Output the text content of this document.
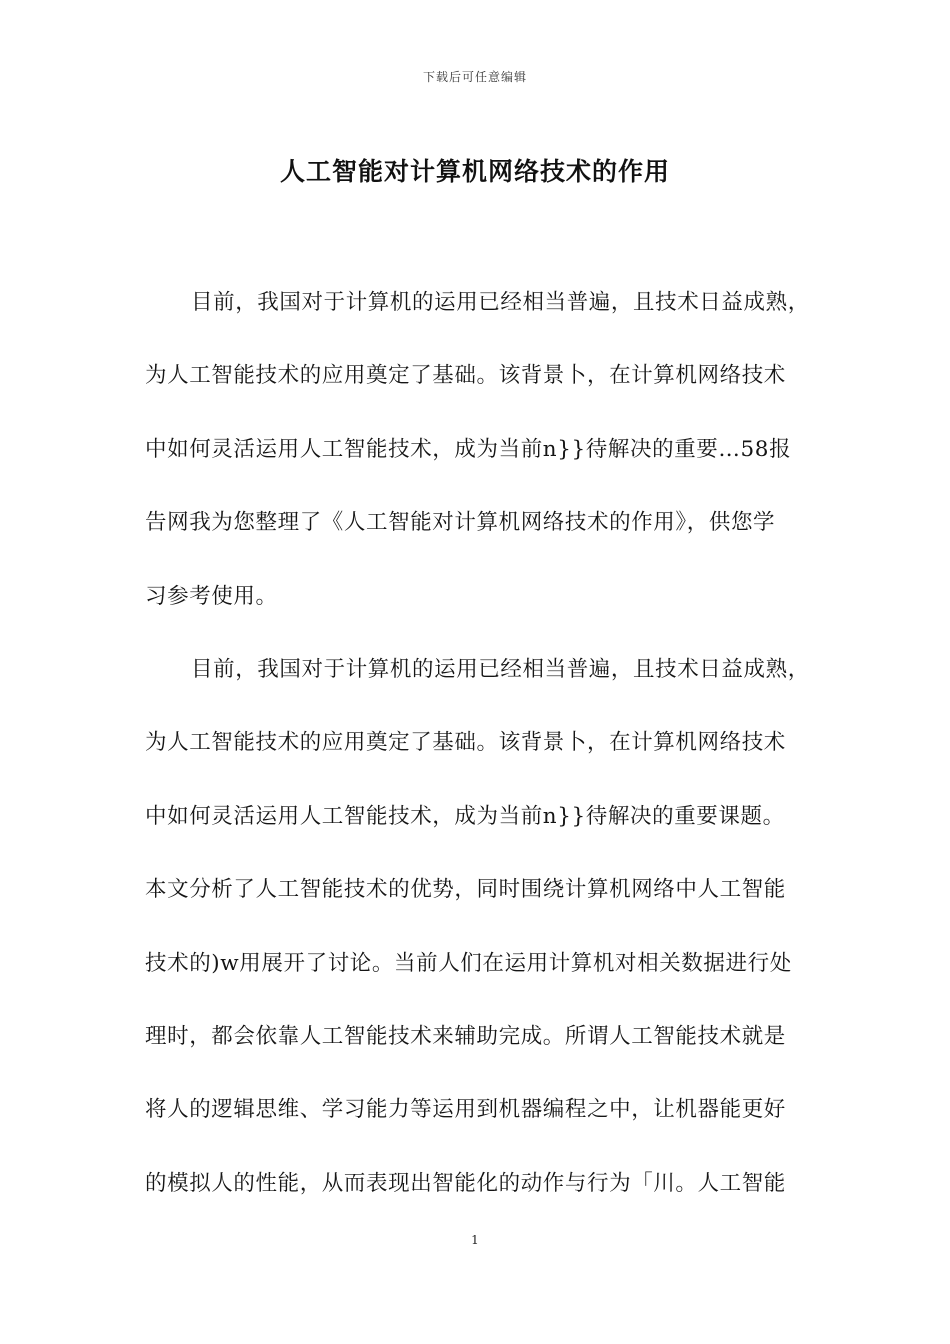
下载后可任意编辑
人工智能对计算机网络技术的作用
目前，我国对于计算机的运用已经相当普遍，且技术日益成熟，
为人工智能技术的应用奠定了基础。该背景卜，在计算机网络技术
中如何灵活运用人工智能技术，成为当前n}}待解决的重要…58报
告网我为您整理了《人工智能对计算机网络技术的作用》，供您学
习参考使用。
目前，我国对于计算机的运用已经相当普遍，且技术日益成熟，
为人工智能技术的应用奠定了基础。该背景卜，在计算机网络技术
中如何灵活运用人工智能技术，成为当前n}}待解决的重要课题。
本文分析了人工智能技术的优势，同时围绕计算机网络中人工智能
技术的)w用展开了讨论。当前人们在运用计算机对相关数据进行处
理时，都会依靠人工智能技术来辅助完成。所谓人工智能技术就是
将人的逻辑思维、学习能力等运用到机器编程之中，让机器能更好
的模拟人的性能，从而表现出智能化的动作与行为「川。人工智能
1
